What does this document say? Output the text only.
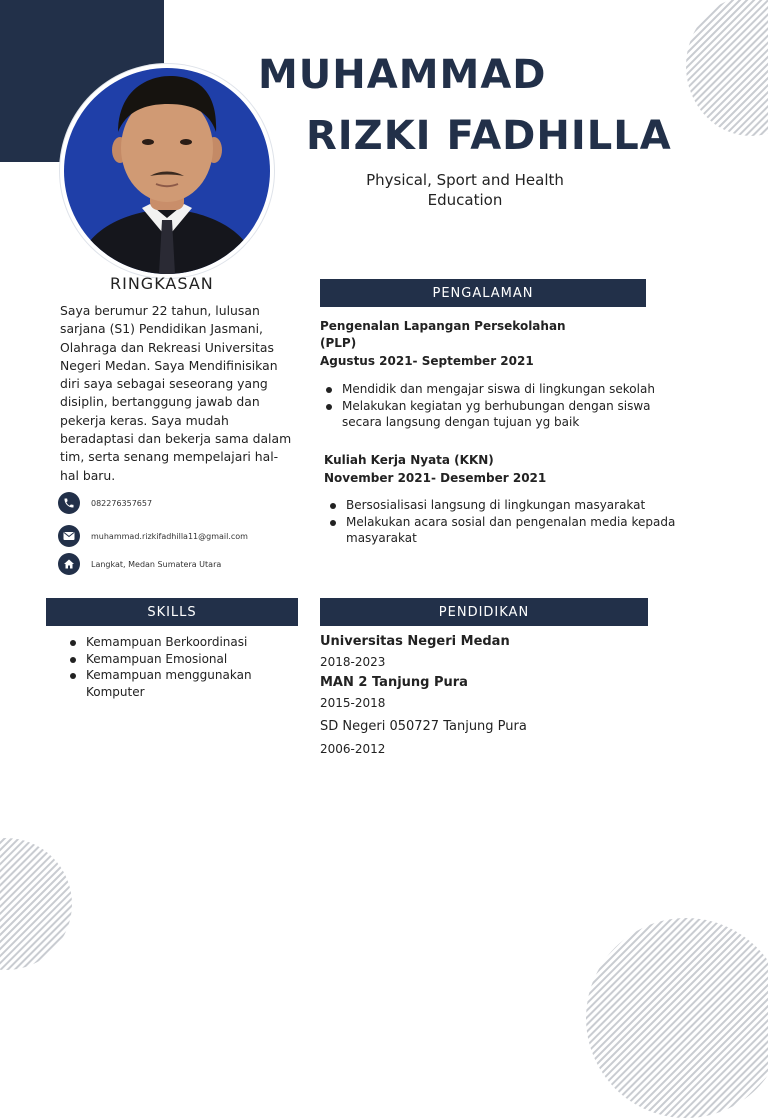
MUHAMMAD
RIZKI FADHILLA
Physical, Sport and Health
Education
RINGKASAN
Saya berumur 22 tahun, lulusan sarjana (S1) Pendidikan Jasmani, Olahraga dan Rekreasi Universitas Negeri Medan. Saya Mendifinisikan diri saya sebagai seseorang yang disiplin, bertanggung jawab dan pekerja keras. Saya mudah beradaptasi dan bekerja sama dalam tim, serta senang mempelajari hal-hal baru.
082276357657
muhammad.rizkifadhilla11@gmail.com
Langkat, Medan Sumatera Utara
PENGALAMAN
Pengenalan Lapangan Persekolahan (PLP)
Agustus 2021- September 2021
Mendidik dan mengajar siswa di lingkungan sekolah
Melakukan kegiatan yg berhubungan dengan siswa secara langsung dengan tujuan yg baik
Kuliah Kerja Nyata (KKN)
November 2021- Desember 2021
Bersosialisasi langsung di lingkungan masyarakat
Melakukan acara sosial dan pengenalan media kepada masyarakat
SKILLS
Kemampuan Berkoordinasi
Kemampuan Emosional
Kemampuan menggunakan Komputer
PENDIDIKAN
Universitas Negeri Medan
2018-2023
MAN 2 Tanjung Pura
2015-2018
SD Negeri 050727 Tanjung Pura
2006-2012
